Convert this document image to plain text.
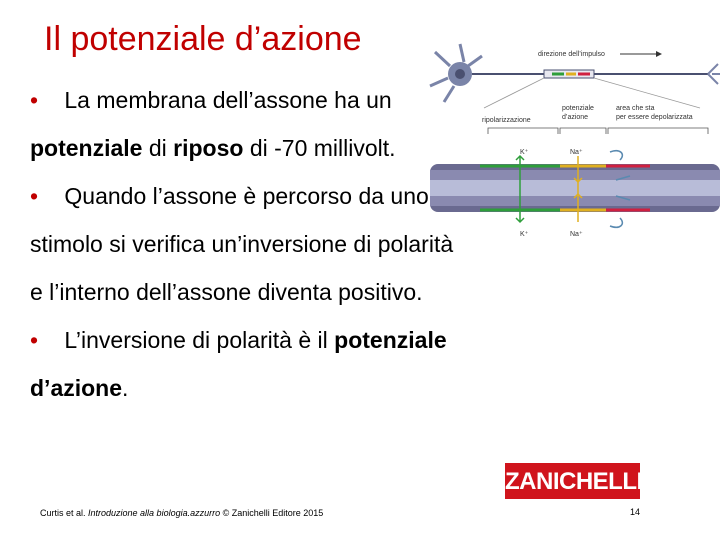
Il potenziale d’azione

• La membrana dell’assone ha un potenziale di riposo di -70 millivolt.

• Quando l’assone è percorso da uno stimolo si verifica un’inversione di polarità e l’interno dell’assone diventa positivo.

• L’inversione di polarità è il potenziale d’azione.

direzione dell’impulso
ripolarizzazione
potenziale
d’azione
area che sta
per essere depolarizzata
K⁺	Na⁺
K⁺	Na⁺
ZANICHELLI
Curtis et al. Introduzione alla biologia.azzurro © Zanichelli Editore 2015	14
